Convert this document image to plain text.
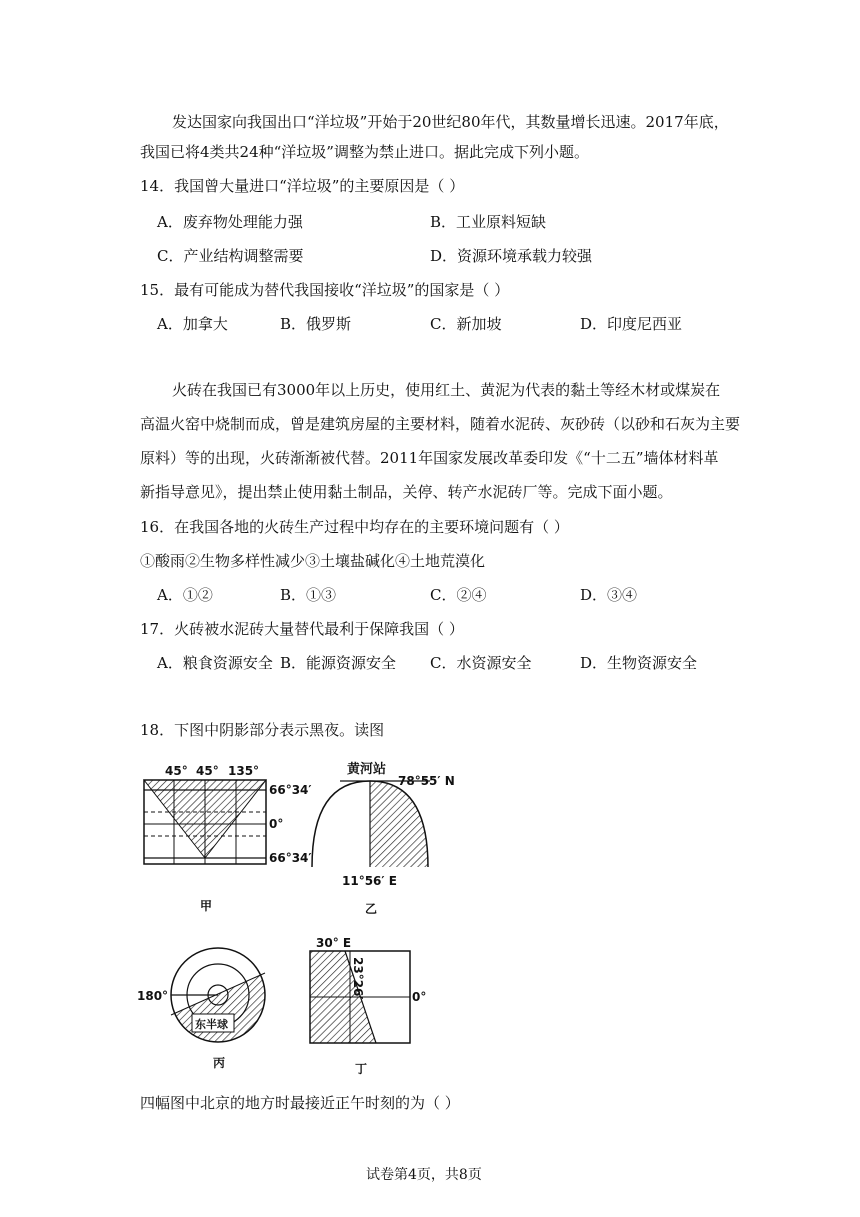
发达国家向我国出口“洋垃圾”开始于20世纪80年代，其数量增长迅速。2017年底，
我国已将4类共24种“洋垃圾”调整为禁止进口。据此完成下列小题。
14．我国曾大量进口“洋垃圾”的主要原因是（ ）
A．废弃物处理能力强	B．工业原料短缺
C．产业结构调整需要	D．资源环境承载力较强
15．最有可能成为替代我国接收“洋垃圾”的国家是（ ）
A．加拿大	B．俄罗斯	C．新加坡	D．印度尼西亚
火砖在我国已有3000年以上历史，使用红土、黄泥为代表的黏土等经木材或煤炭在
高温火窑中烧制而成，曾是建筑房屋的主要材料，随着水泥砖、灰砂砖（以砂和石灰为主要
原料）等的出现，火砖渐渐被代替。2011年国家发展改革委印发《“十二五”墙体材料革
新指导意见》，提出禁止使用黏土制品，关停、转产水泥砖厂等。完成下面小题。
16．在我国各地的火砖生产过程中均存在的主要环境问题有（ ）
①酸雨②生物多样性减少③土壤盐碱化④土地荒漠化
A．①②	B．①③	C．②④	D．③④
17．火砖被水泥砖大量替代最利于保障我国（ ）
A．粮食资源安全 B．能源资源安全 C．水资源安全	D．生物资源安全
18．下图中阴影部分表示黑夜。读图
45° 45° 135°
66°34′
0°
66°34′
甲
黄河站
78°55′ N
11°56′ E
乙
东半球
180°
丙
30° E
23°26′	0°
丁
四幅图中北京的地方时最接近正午时刻的为（ ）
试卷第4页，共8页
